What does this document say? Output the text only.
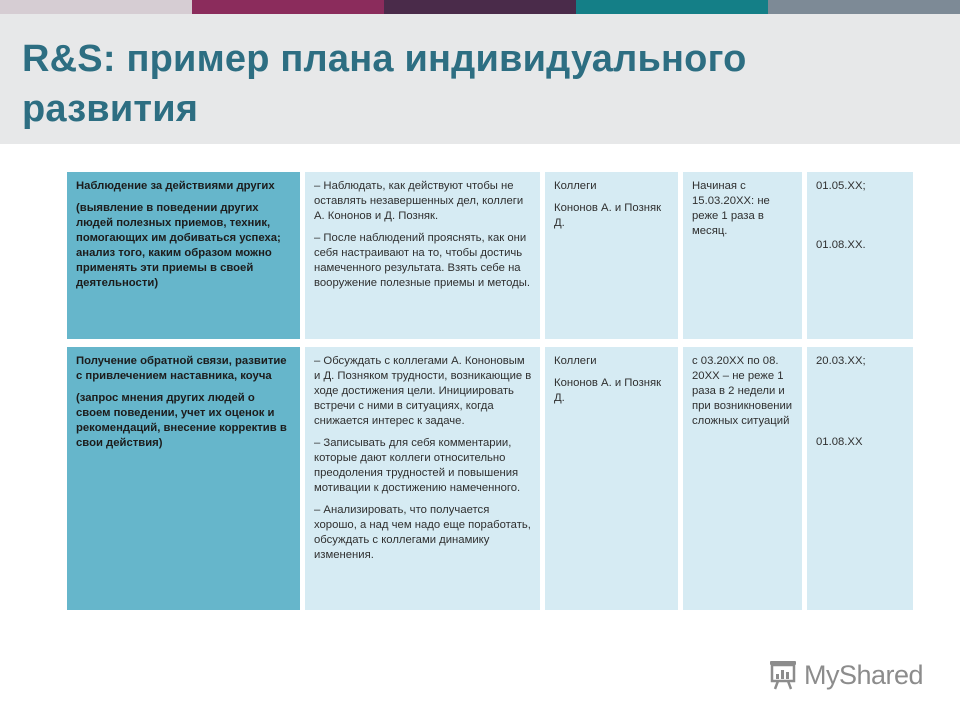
R&S: пример плана индивидуального развития

Наблюдение за действиями других

(выявление в поведении других людей полезных приемов, техник, помогающих им добиваться успеха; анализ того, каким образом можно применять эти приемы в своей деятельности)

– Наблюдать, как действуют чтобы не оставлять незавершенных дел, коллеги А. Кононов и Д. Позняк.

– После наблюдений прояснять, как они себя настраивают на то, чтобы достичь намеченного результата. Взять себе на вооружение полезные приемы и методы.

Коллеги

Кононов А. и Позняк Д.

Начиная с 15.03.20ХХ: не реже 1 раза в месяц.

01.05.XX;
01.08.XX.

Получение обратной связи, развитие с привлечением наставника, коуча

(запрос мнения других людей о своем поведении, учет их оценок и рекомендаций, внесение корректив в свои действия)

– Обсуждать с коллегами А. Кононовым и Д. Позняком трудности, возникающие в ходе достижения цели. Инициировать встречи с ними в ситуациях, когда снижается интерес к задаче.

– Записывать для себя комментарии, которые дают коллеги относительно преодоления трудностей и повышения мотивации к достижению намеченного.

– Анализировать, что получается хорошо, а над чем надо еще поработать, обсуждать с коллегами динамику изменения.

Коллеги

Кононов А. и Позняк Д.

с 03.20ХХ по 08. 20ХХ – не реже 1 раза в 2 недели и при возникновении сложных ситуаций

20.03.XX;
01.08.XX
MyShared
